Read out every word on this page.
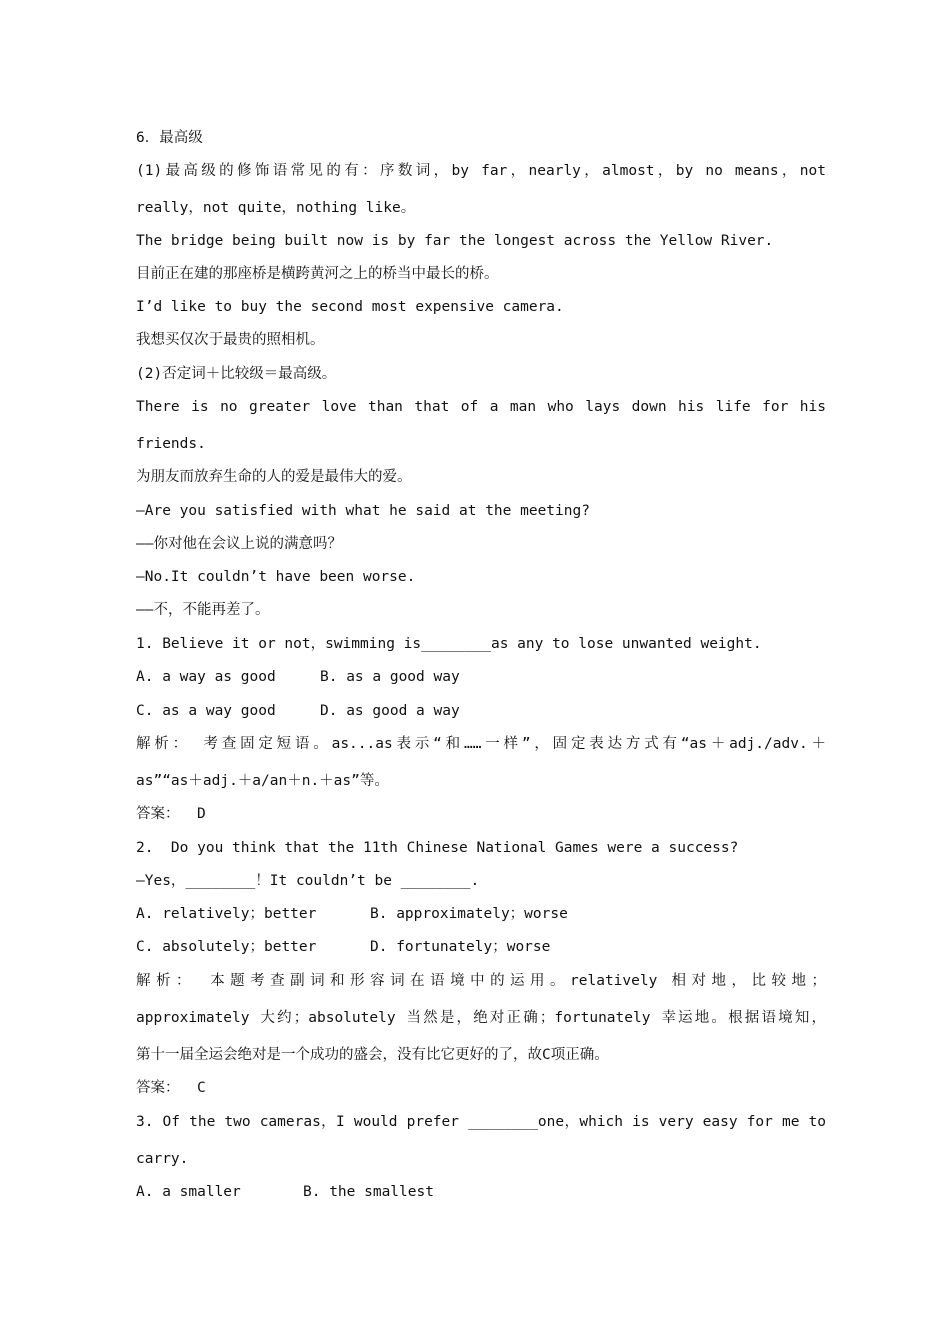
6．最高级
(1)最高级的修饰语常见的有：序数词，by far，nearly，almost，by no means，not
really，not quite，nothing like。
The bridge being built now is by far the longest across the Yellow River.
目前正在建的那座桥是横跨黄河之上的桥当中最长的桥。
I’d like to buy the second most expensive camera.
我想买仅次于最贵的照相机。
(2)否定词＋比较级＝最高级。
There is no greater love than that of a man who lays down his life for his
friends.
为朋友而放弃生命的人的爱是最伟大的爱。
—Are you satisfied with what he said at the meeting?
——你对他在会议上说的满意吗？
—No.It couldn’t have been worse.
——不，不能再差了。
1. Believe it or not，swimming is________as any to lose unwanted weight.
A. a way as good	B. as a good way
C. as a way good	D. as good a way
解析： 考查固定短语。as...as表示“和……一样”，固定表达方式有“as＋adj./adv.＋
as”“as＋adj.＋a/an＋n.＋as”等。
答案：  D
2.  Do you think that the 11th Chinese National Games were a success?
—Yes，________！It couldn’t be ________.
A. relatively；better	B. approximately；worse
C. absolutely；better	D. fortunately；worse
解析： 本题考查副词和形容词在语境中的运用。relatively 相对地，比较地；
approximately 大约；absolutely 当然是，绝对正确；fortunately 幸运地。根据语境知，
第十一届全运会绝对是一个成功的盛会，没有比它更好的了，故C项正确。
答案：  C
3. Of the two cameras，I would prefer ________one，which is very easy for me to
carry.
A. a smaller	B. the smallest
